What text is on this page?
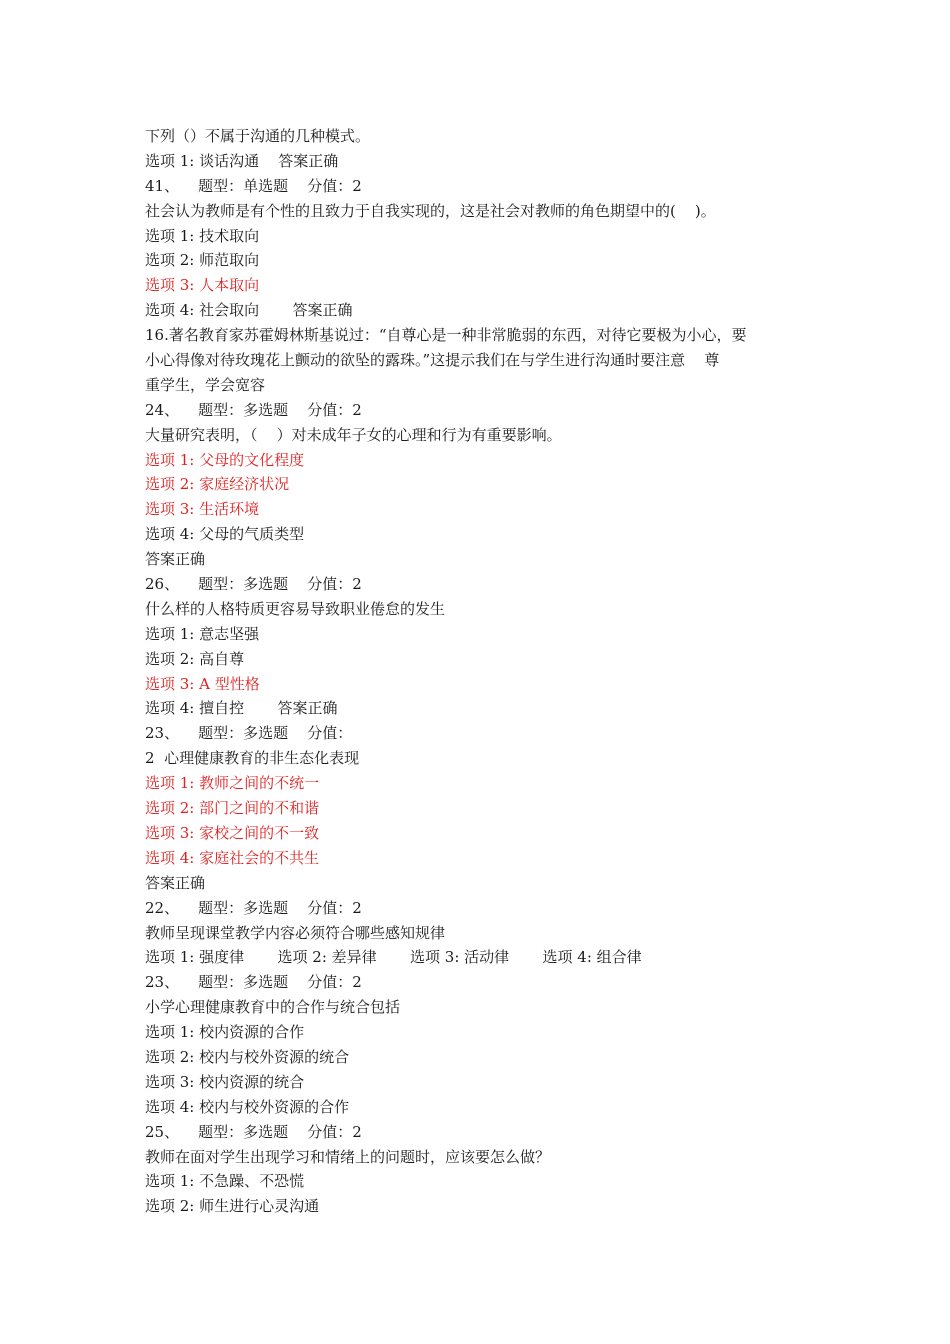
下列（）不属于沟通的几种模式。
选项 1: 谈话沟通    答案正确
41、    题型：单选题    分值：2
社会认为教师是有个性的且致力于自我实现的，这是社会对教师的角色期望中的(    )。
选项 1: 技术取向
选项 2: 师范取向
选项 3: 人本取向
选项 4: 社会取向       答案正确
16.著名教育家苏霍姆林斯基说过：“自尊心是一种非常脆弱的东西，对待它要极为小心，要
小心得像对待玫瑰花上颤动的欲坠的露珠。”这提示我们在与学生进行沟通时要注意    尊
重学生，学会宽容
24、    题型：多选题    分值：2
大量研究表明，（    ）对未成年子女的心理和行为有重要影响。
选项 1: 父母的文化程度
选项 2: 家庭经济状况
选项 3: 生活环境
选项 4: 父母的气质类型
答案正确
26、    题型：多选题    分值：2
什么样的人格特质更容易导致职业倦怠的发生
选项 1: 意志坚强
选项 2: 高自尊
选项 3: A 型性格
选项 4: 擅自控       答案正确
23、    题型：多选题    分值：
2  心理健康教育的非生态化表现
选项 1: 教师之间的不统一
选项 2: 部门之间的不和谐
选项 3: 家校之间的不一致
选项 4: 家庭社会的不共生
答案正确
22、    题型：多选题    分值：2
教师呈现课堂教学内容必须符合哪些感知规律
选项 1: 强度律       选项 2: 差异律       选项 3: 活动律       选项 4: 组合律
23、    题型：多选题    分值：2
小学心理健康教育中的合作与统合包括
选项 1: 校内资源的合作
选项 2: 校内与校外资源的统合
选项 3: 校内资源的统合
选项 4: 校内与校外资源的合作
25、    题型：多选题    分值：2
教师在面对学生出现学习和情绪上的问题时，应该要怎么做？
选项 1: 不急躁、不恐慌
选项 2: 师生进行心灵沟通
